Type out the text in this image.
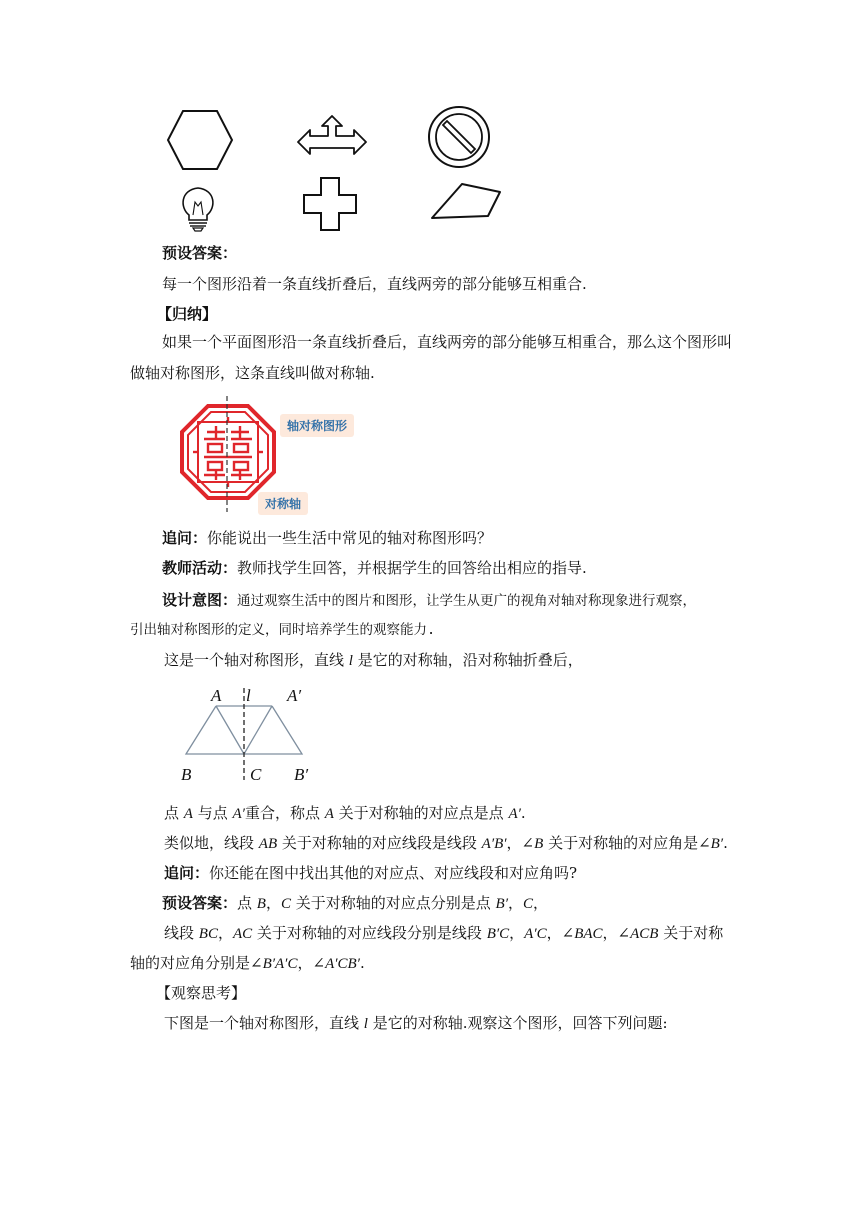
预设答案：
每一个图形沿着一条直线折叠后，直线两旁的部分能够互相重合.
【归纳】
如果一个平面图形沿一条直线折叠后，直线两旁的部分能够互相重合，那么这个图形叫
做轴对称图形，这条直线叫做对称轴.
轴对称图形
对称轴
追问：你能说出一些生活中常见的轴对称图形吗？
教师活动：教师找学生回答，并根据学生的回答给出相应的指导.
设计意图：通过观察生活中的图片和图形，让学生从更广的视角对轴对称现象进行观察，
引出轴对称图形的定义，同时培养学生的观察能力.
这是一个轴对称图形，直线 l 是它的对称轴，沿对称轴折叠后，
A l A′
B	C B′
点 A 与点 A′重合，称点 A 关于对称轴的对应点是点 A′.
类似地，线段 AB 关于对称轴的对应线段是线段 A′B′，∠B 关于对称轴的对应角是∠B′.
追问：你还能在图中找出其他的对应点、对应线段和对应角吗?
预设答案：点 B，C 关于对称轴的对应点分别是点 B′，C，
线段 BC，AC 关于对称轴的对应线段分别是线段 B′C，A′C，∠BAC，∠ACB 关于对称
轴的对应角分别是∠B′A′C，∠A′CB′.
【观察思考】
下图是一个轴对称图形，直线 l 是它的对称轴.观察这个图形，回答下列问题:
